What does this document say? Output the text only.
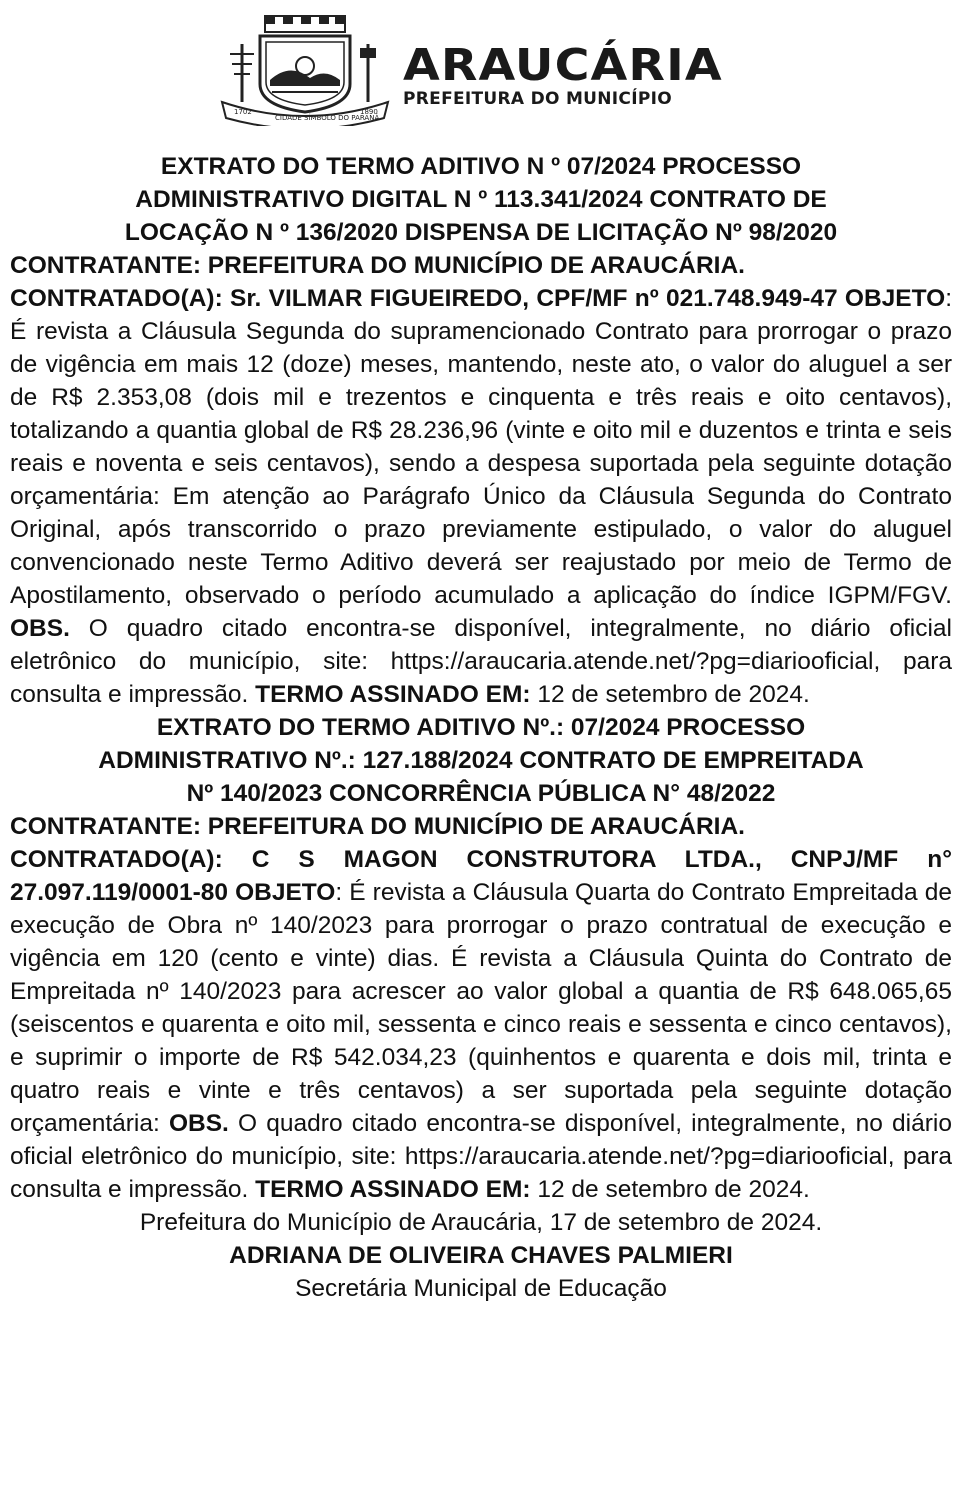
1702
CIDADE SÍMBOLO DO PARANÁ
1890
ARAUCÁRIA
PREFEITURA DO MUNICÍPIO

EXTRATO DO TERMO ADITIVO N º 07/2024 PROCESSO

ADMINISTRATIVO DIGITAL N º 113.341/2024 CONTRATO DE

LOCAÇÃO N º 136/2020 DISPENSA DE LICITAÇÃO Nº 98/2020

CONTRATANTE: PREFEITURA DO MUNICÍPIO DE ARAUCÁRIA.

CONTRATADO(A): Sr. VILMAR FIGUEIREDO, CPF/MF nº 021.748.949-47 OBJETO: É revista a Cláusula Segunda do supramencionado Contrato para prorrogar o prazo de vigência em mais 12 (doze) meses, mantendo, neste ato, o valor do aluguel a ser de R$ 2.353,08 (dois mil e trezentos e cinquenta e três reais e oito centavos), totalizando a quantia global de R$ 28.236,96 (vinte e oito mil e duzentos e trinta e seis reais e noventa e seis centavos), sendo a despesa suportada pela seguinte dotação orçamentária: Em atenção ao Parágrafo Único da Cláusula Segunda do Contrato Original, após transcorrido o prazo previamente estipulado, o valor do aluguel convencionado neste Termo Aditivo deverá ser reajustado por meio de Termo de Apostilamento, observado o período acumulado a aplicação do índice IGPM/FGV. OBS. O quadro citado encontra-se disponível, integralmente, no diário oficial eletrônico do município, site: https://araucaria.atende.net/?pg=diariooficial, para consulta e impressão. TERMO ASSINADO EM: 12 de setembro de 2024.

EXTRATO DO TERMO ADITIVO Nº.: 07/2024 PROCESSO

ADMINISTRATIVO Nº.: 127.188/2024 CONTRATO DE EMPREITADA

Nº 140/2023 CONCORRÊNCIA PÚBLICA N° 48/2022

CONTRATANTE: PREFEITURA DO MUNICÍPIO DE ARAUCÁRIA.

CONTRATADO(A): C S MAGON CONSTRUTORA LTDA., CNPJ/MF n° 27.097.119/0001-80 OBJETO: É revista a Cláusula Quarta do Contrato Empreitada de execução de Obra nº 140/2023 para prorrogar o prazo contratual de execução e vigência em 120 (cento e vinte) dias. É revista a Cláusula Quinta do Contrato de Empreitada nº 140/2023 para acrescer ao valor global a quantia de R$ 648.065,65 (seiscentos e quarenta e oito mil, sessenta e cinco reais e sessenta e cinco centavos), e suprimir o importe de R$ 542.034,23 (quinhentos e quarenta e dois mil, trinta e quatro reais e vinte e três centavos) a ser suportada pela seguinte dotação orçamentária: OBS. O quadro citado encontra-se disponível, integralmente, no diário oficial eletrônico do município, site: https://araucaria.atende.net/?pg=diariooficial, para consulta e impressão. TERMO ASSINADO EM: 12 de setembro de 2024.

Prefeitura do Município de Araucária, 17 de setembro de 2024.

ADRIANA DE OLIVEIRA CHAVES PALMIERI

Secretária Municipal de Educação
